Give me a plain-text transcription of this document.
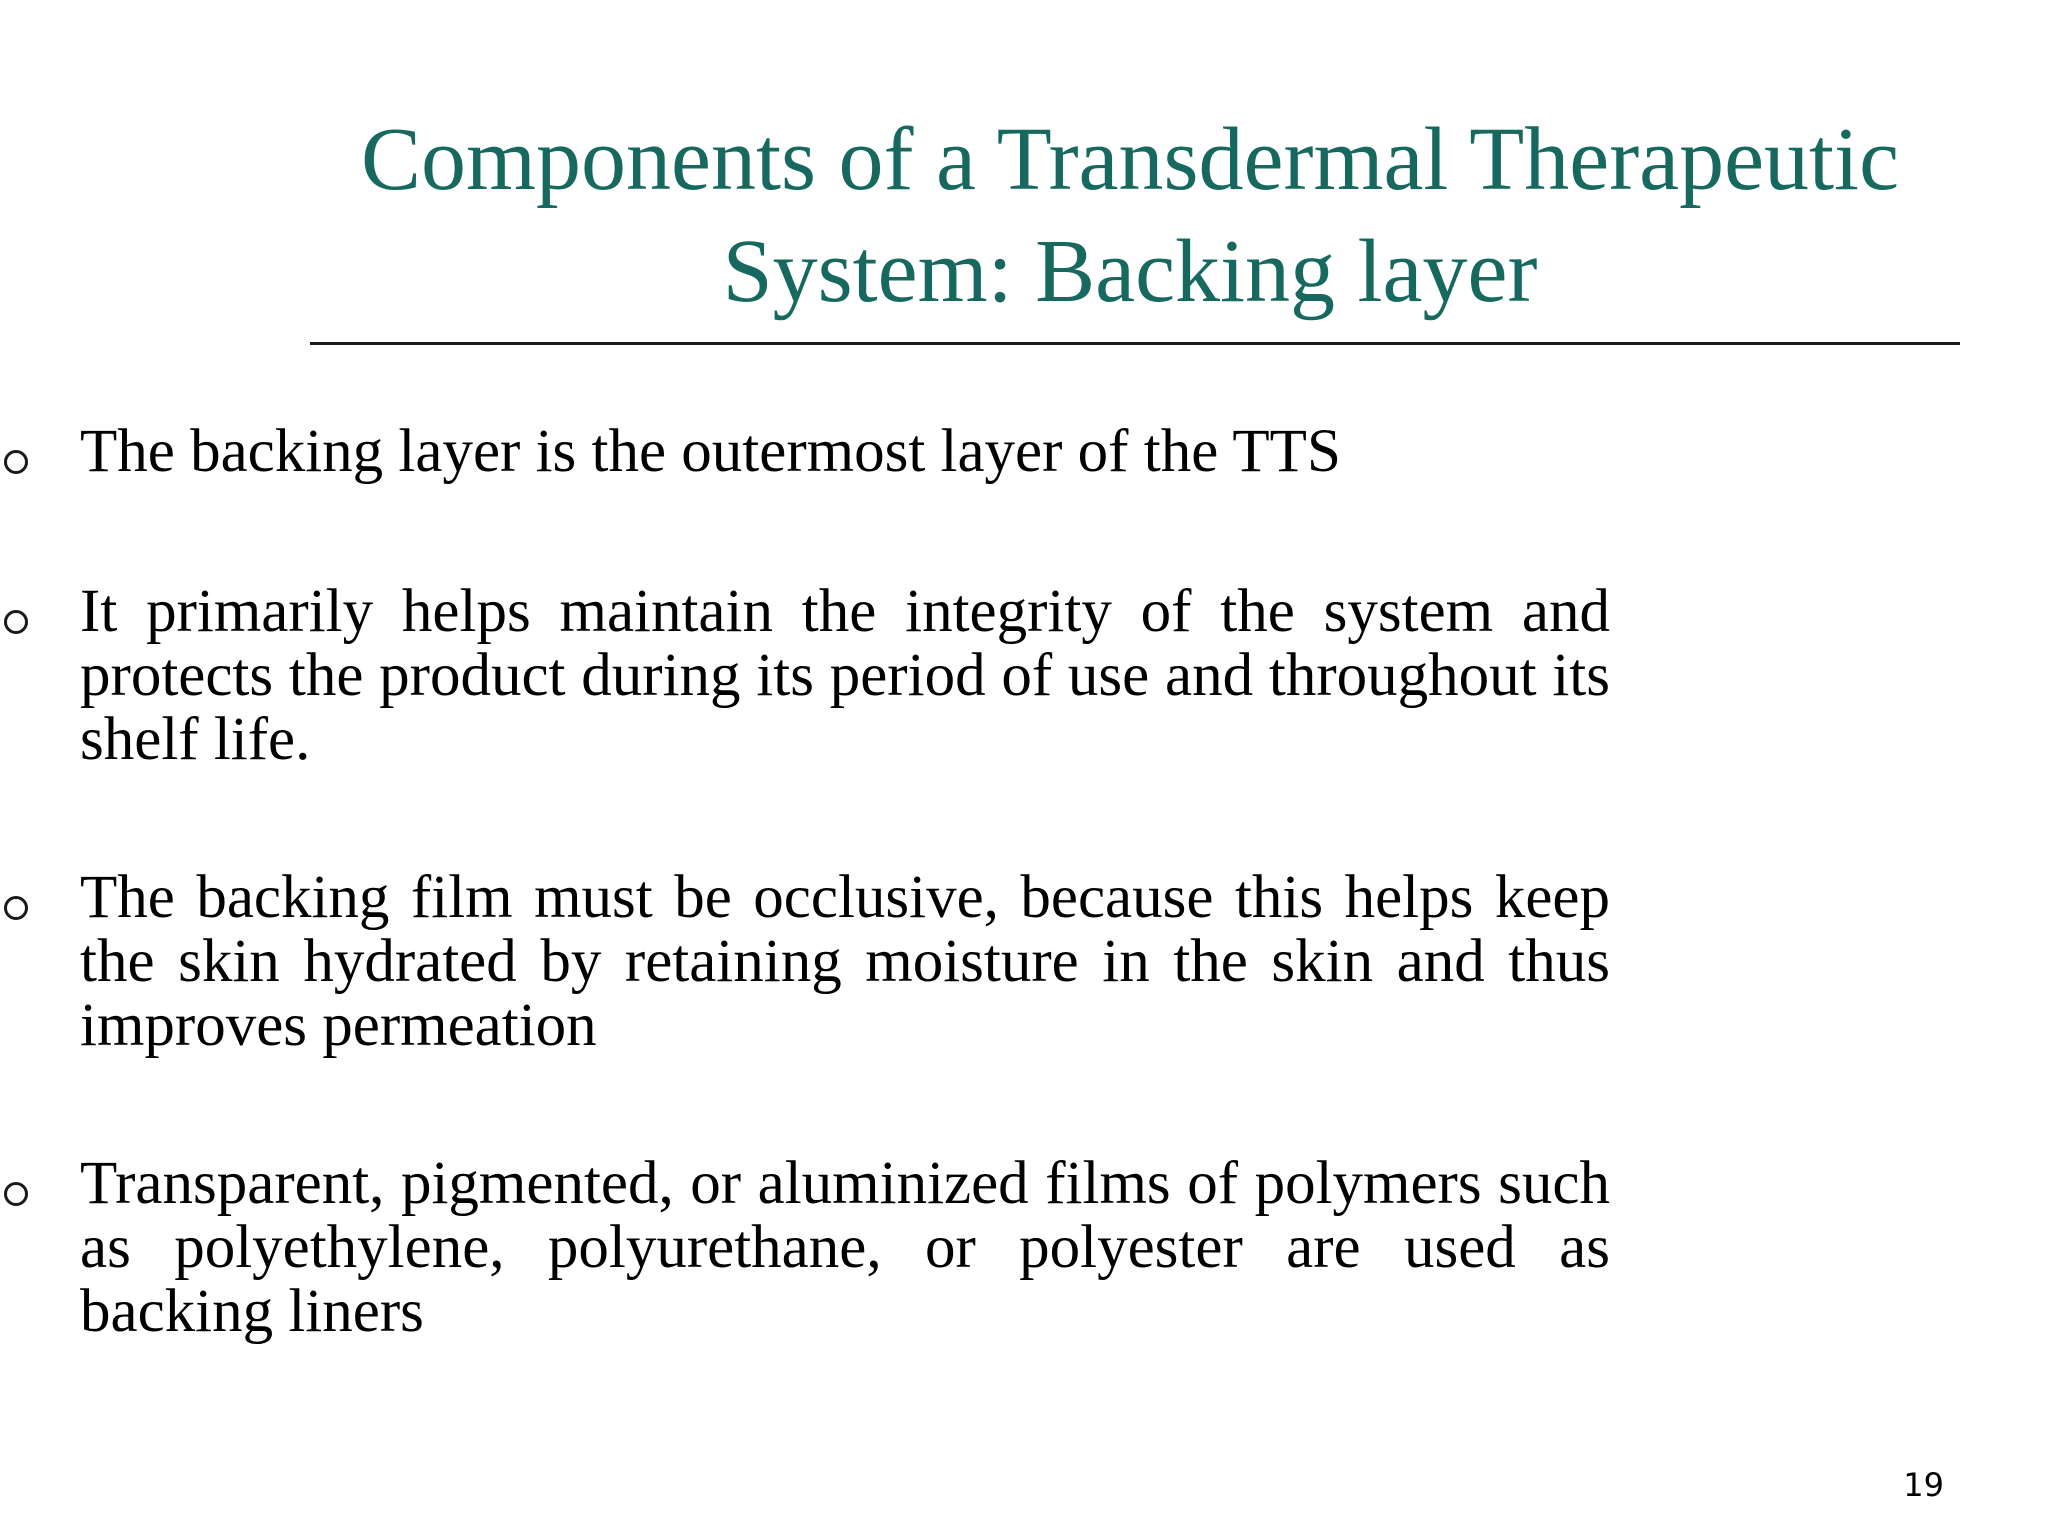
Components of a Transdermal Therapeutic
System: Backing layer
The backing layer is the outermost layer of the TTS
It primarily helps maintain the integrity of the system and protects the product during its period of use and throughout its shelf life.
The backing film must be occlusive, because this helps keep the skin hydrated by retaining moisture in the skin and thus improves permeation
Transparent, pigmented, or aluminized films of polymers such as polyethylene, polyurethane, or polyester are used as backing liners
19
